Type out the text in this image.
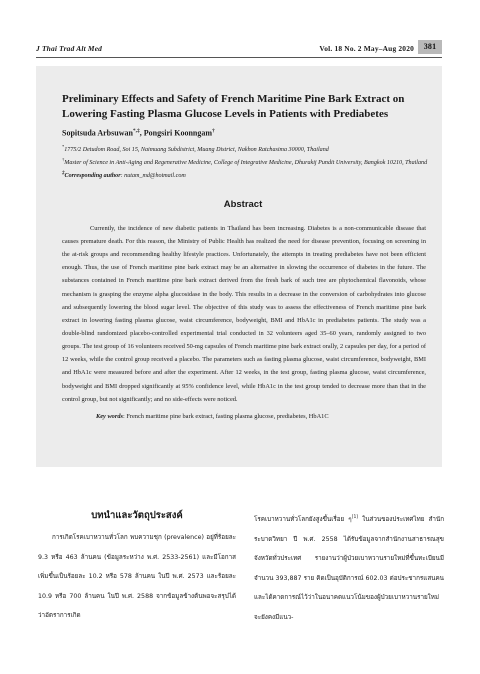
J Thai Trad Alt Med	Vol. 18 No. 2 May–Aug 2020	381
Preliminary Effects and Safety of French Maritime Pine Bark Extract on Lowering Fasting Plasma Glucose Levels in Patients with Prediabetes
Sopitsuda Arbsuwan*,‡, Pongsiri Koonngam†
*1775/2 Detudom Road, Soi 15, Naimuang Subdistrict, Muang District, Nakhon Ratchasima 30000, Thailand
†Master of Science in Anti-Aging and Regenerative Medicine, College of Integrative Medicine, Dhurakij Pundit University, Bangkok 10210, Thailand
‡Corresponding author: nutam_md@hotmail.com
Abstract
Currently, the incidence of new diabetic patients in Thailand has been increasing. Diabetes is a non-communicable disease that causes premature death. For this reason, the Ministry of Public Health has realized the need for disease prevention, focusing on screening in the at-risk groups and recommending healthy lifestyle practices. Unfortunately, the attempts in treating prediabetes have not been efficient enough. Thus, the use of French maritime pine bark extract may be an alternative in slowing the occurrence of diabetes in the future. The substances contained in French maritime pine bark extract derived from the fresh bark of such tree are phytochemical flavonoids, whose mechanism is grasping the enzyme alpha glucosidase in the body. This results in a decrease in the conversion of carbohydrates into glucose and subsequently lowering the blood sugar level. The objective of this study was to assess the effectiveness of French maritime pine bark extract in lowering fasting plasma glucose, waist circumference, bodyweight, BMI and HbA1c in prediabetes patients. The study was a double-blind randomized placebo-controlled experimental trial conducted in 32 volunteers aged 35–60 years, randomly assigned to two groups. The test group of 16 volunteers received 50-mg capsules of French maritime pine bark extract orally, 2 capsules per day, for a period of 12 weeks, while the control group received a placebo. The parameters such as fasting plasma glucose, waist circumference, bodyweight, BMI and HbA1c were measured before and after the experiment. After 12 weeks, in the test group, fasting plasma glucose, waist circumference, bodyweight and BMI dropped significantly at 95% confidence level, while HbA1c in the test group tended to decrease more than that in the control group, but not significantly; and no side-effects were noticed.
Key words: French maritime pine bark extract, fasting plasma glucose, prediabetes, HbA1C
บทนำและวัตถุประสงค์
การเกิดโรคเบาหวานทั่วโลก พบความชุก (prevalence) อยู่ที่ร้อยละ 9.3 หรือ 463 ล้านคน (ข้อมูลระหว่าง พ.ศ. 2533-2561) และมีโอกาสเพิ่มขึ้นเป็นร้อยละ 10.2 หรือ 578 ล้านคน ในปี พ.ศ. 2573 และร้อยละ 10.9 หรือ 700 ล้านคน ในปี พ.ศ. 2588 จากข้อมูลข้างต้นพอจะสรุปได้ว่าอัตราการเกิด
โรคเบาหวานทั่วโลกยังสูงขึ้นเรื่อย ๆ[1] ในส่วนของประเทศไทย สำนักระบาดวิทยา ปี พ.ศ. 2558 ได้รับข้อมูลจากสำนักงานสาธารณสุขจังหวัดทั่วประเทศ รายงานว่าผู้ป่วยเบาหวานรายใหม่ที่ขึ้นทะเบียนมีจำนวน 393,887 ราย คิดเป็นอุบัติการณ์ 602.03 ต่อประชากรแสนคน และได้คาดการณ์ไว้ว่าในอนาคตแนวโน้มของผู้ป่วยเบาหวานรายใหม่ จะยังคงมีแนว-
